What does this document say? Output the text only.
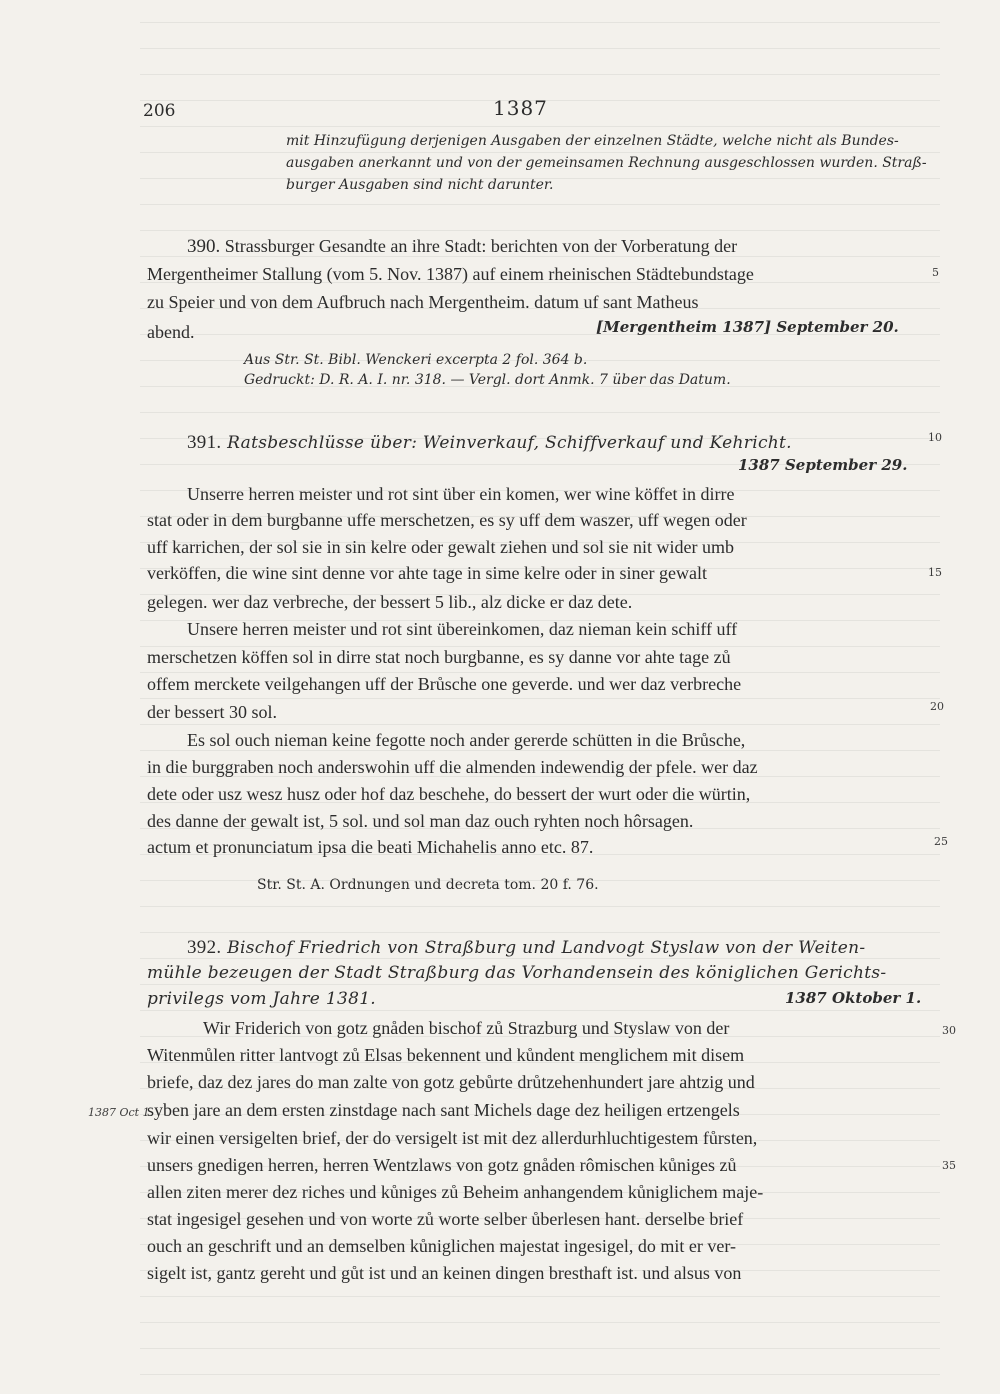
206	1387
mit Hinzufügung derjenigen Ausgaben der einzelnen Städte, welche nicht als Bundes-
ausgaben anerkannt und von der gemeinsamen Rechnung ausgeschlossen wurden. Straß-
burger Ausgaben sind nicht darunter.
390. Strassburger Gesandte an ihre Stadt: berichten von der Vorberatung der
Mergentheimer Stallung (vom 5. Nov. 1387) auf einem rheinischen Städtebundstage
zu Speier und von dem Aufbruch nach Mergentheim. datum uf sant Matheus
abend.	[Mergentheim 1387] September 20.
Aus Str. St. Bibl. Wenckeri excerpta 2 fol. 364 b.
Gedruckt: D. R. A. I. nr. 318. — Vergl. dort Anmk. 7 über das Datum.
391. Ratsbeschlüsse über: Weinverkauf, Schiffverkauf und Kehricht.
1387 September 29.
Unserre herren meister und rot sint über ein komen, wer wine köffet in dirre
stat oder in dem burgbanne uffe merschetzen, es sy uff dem waszer, uff wegen oder
uff karrichen, der sol sie in sin kelre oder gewalt ziehen und sol sie nit wider umb
verköffen, die wine sint denne vor ahte tage in sime kelre oder in siner gewalt
gelegen. wer daz verbreche, der bessert 5 lib., alz dicke er daz dete.
Unsere herren meister und rot sint übereinkomen, daz nieman kein schiff uff
merschetzen köffen sol in dirre stat noch burgbanne, es sy danne vor ahte tage zů
offem merckete veilgehangen uff der Brůsche one geverde. und wer daz verbreche
der bessert 30 sol.
Es sol ouch nieman keine fegotte noch ander gererde schütten in die Brůsche,
in die burggraben noch anderswohin uff die almenden indewendig der pfele. wer daz
dete oder usz wesz husz oder hof daz beschehe, do bessert der wurt oder die würtin,
des danne der gewalt ist, 5 sol. und sol man daz ouch ryhten noch hôrsagen.
actum et pronunciatum ipsa die beati Michahelis anno etc. 87.
Str. St. A. Ordnungen und decreta tom. 20 f. 76.
392. Bischof Friedrich von Straßburg und Landvogt Styslaw von der Weiten-
mühle bezeugen der Stadt Straßburg das Vorhandensein des königlichen Gerichts-
privilegs vom Jahre 1381.	1387 Oktober 1.
Wir Friderich von gotz gnåden bischof zů Strazburg und Styslaw von der
Witenmůlen ritter lantvogt zů Elsas bekennent und kůndent menglichem mit disem
briefe, daz dez jares do man zalte von gotz gebůrte drůtzehenhundert jare ahtzig und
syben jare an dem ersten zinstdage nach sant Michels dage dez heiligen ertzengels
wir einen versigelten brief, der do versigelt ist mit dez allerdurhluchtigestem fůrsten,
unsers gnedigen herren, herren Wentzlaws von gotz gnåden rômischen kůniges zů
allen ziten merer dez riches und kůniges zů Beheim anhangendem kůniglichem maje-
stat ingesigel gesehen und von worte zů worte selber ůberlesen hant. derselbe brief
ouch an geschrift und an demselben kůniglichen majestat ingesigel, do mit er ver-
sigelt ist, gantz gereht und gůt ist und an keinen dingen bresthaft ist. und alsus von
1387 Oct 1.
5
10
15
20
25
30
35
